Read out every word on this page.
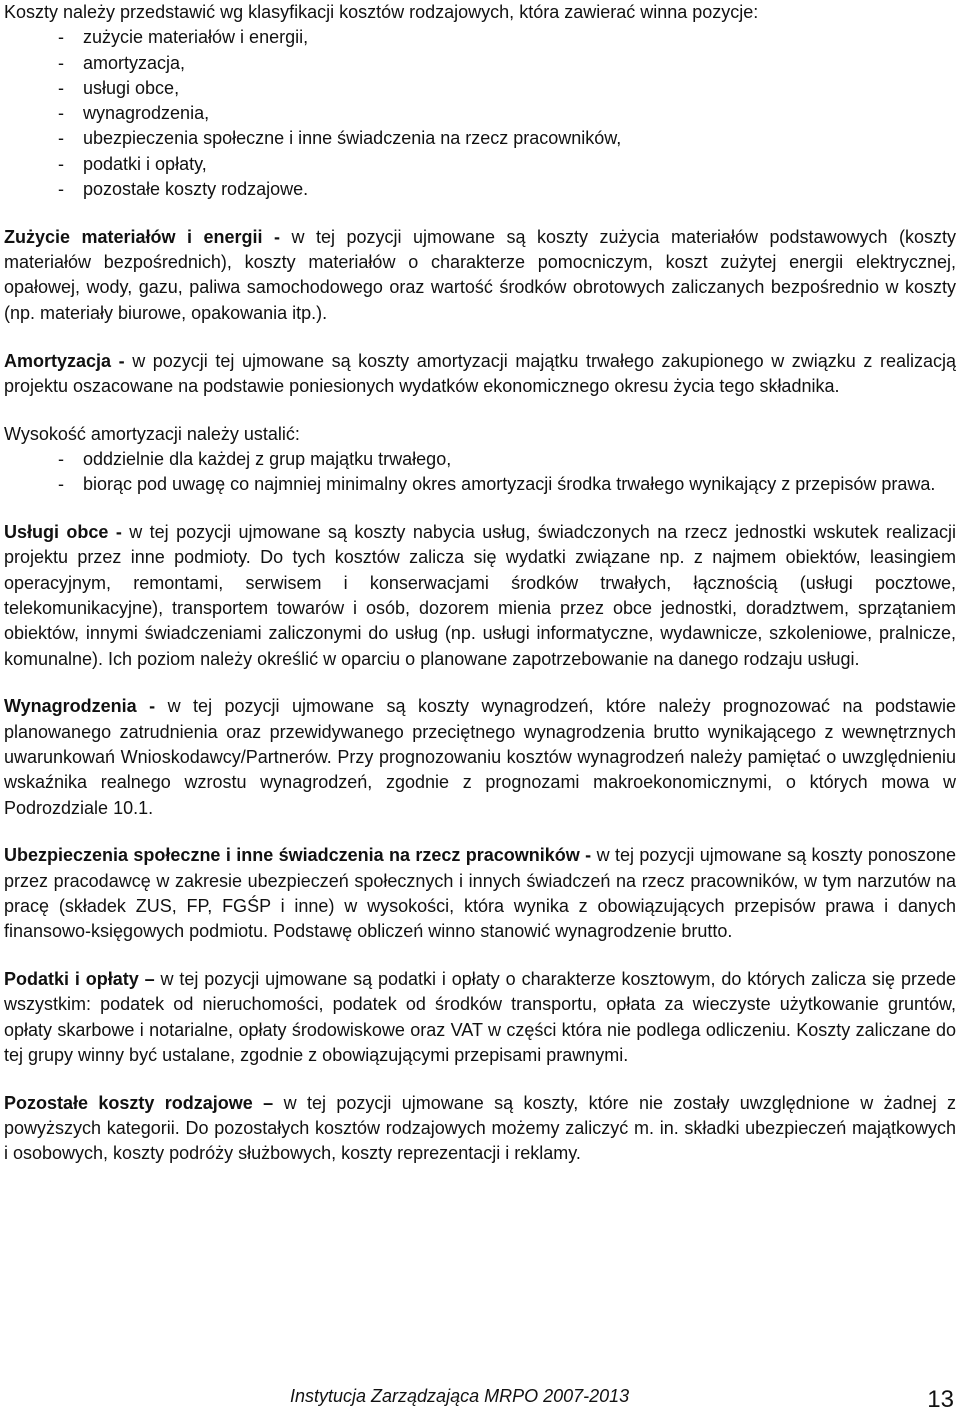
Koszty należy przedstawić wg klasyfikacji kosztów rodzajowych, która zawierać winna pozycje:

- zużycie materiałów i energii,
- amortyzacja,
- usługi obce,
- wynagrodzenia,
- ubezpieczenia społeczne i inne świadczenia na rzecz pracowników,
- podatki i opłaty,
- pozostałe koszty rodzajowe.

Zużycie materiałów i energii - w tej pozycji ujmowane są koszty zużycia materiałów podstawowych (koszty materiałów bezpośrednich), koszty materiałów o charakterze pomocniczym, koszt zużytej energii elektrycznej, opałowej, wody, gazu, paliwa samochodowego oraz wartość środków obrotowych zaliczanych bezpośrednio w koszty (np. materiały biurowe, opakowania itp.).

Amortyzacja - w pozycji tej ujmowane są koszty amortyzacji majątku trwałego zakupionego w związku z realizacją projektu oszacowane na podstawie poniesionych wydatków ekonomicznego okresu życia tego składnika.

Wysokość amortyzacji należy ustalić:

- oddzielnie dla każdej z grup majątku trwałego,
- biorąc pod uwagę co najmniej minimalny okres amortyzacji środka trwałego wynikający z przepisów prawa.

Usługi obce - w tej pozycji ujmowane są koszty nabycia usług, świadczonych na rzecz jednostki wskutek realizacji projektu przez inne podmioty. Do tych kosztów zalicza się wydatki związane np. z najmem obiektów, leasingiem operacyjnym, remontami, serwisem i konserwacjami środków trwałych, łącznością (usługi pocztowe, telekomunikacyjne), transportem towarów i osób, dozorem mienia przez obce jednostki, doradztwem, sprzątaniem obiektów, innymi świadczeniami zaliczonymi do usług (np. usługi informatyczne, wydawnicze, szkoleniowe, pralnicze, komunalne). Ich poziom należy określić w oparciu o planowane zapotrzebowanie na danego rodzaju usługi.

Wynagrodzenia - w tej pozycji ujmowane są koszty wynagrodzeń, które należy prognozować na podstawie planowanego zatrudnienia oraz przewidywanego przeciętnego wynagrodzenia brutto wynikającego z wewnętrznych uwarunkowań Wnioskodawcy/Partnerów. Przy prognozowaniu kosztów wynagrodzeń należy pamiętać o uwzględnieniu wskaźnika realnego wzrostu wynagrodzeń, zgodnie z prognozami makroekonomicznymi, o których mowa w Podrozdziale 10.1.

Ubezpieczenia społeczne i inne świadczenia na rzecz pracowników - w tej pozycji ujmowane są koszty ponoszone przez pracodawcę w zakresie ubezpieczeń społecznych i innych świadczeń na rzecz pracowników, w tym narzutów na pracę (składek ZUS, FP, FGŚP i inne) w wysokości, która wynika z obowiązujących przepisów prawa i danych finansowo-księgowych podmiotu. Podstawę obliczeń winno stanowić wynagrodzenie brutto.

Podatki i opłaty – w tej pozycji ujmowane są podatki i opłaty o charakterze kosztowym, do których zalicza się przede wszystkim: podatek od nieruchomości, podatek od środków transportu, opłata za wieczyste użytkowanie gruntów, opłaty skarbowe i notarialne, opłaty środowiskowe oraz VAT w części która nie podlega odliczeniu. Koszty zaliczane do tej grupy winny być ustalane, zgodnie z obowiązującymi przepisami prawnymi.

Pozostałe koszty rodzajowe – w tej pozycji ujmowane są koszty, które nie zostały uwzględnione w żadnej z powyższych kategorii. Do pozostałych kosztów rodzajowych możemy zaliczyć m. in. składki ubezpieczeń majątkowych i osobowych, koszty podróży służbowych, koszty reprezentacji i reklamy.

Instytucja Zarządzająca MRPO 2007-2013	13
